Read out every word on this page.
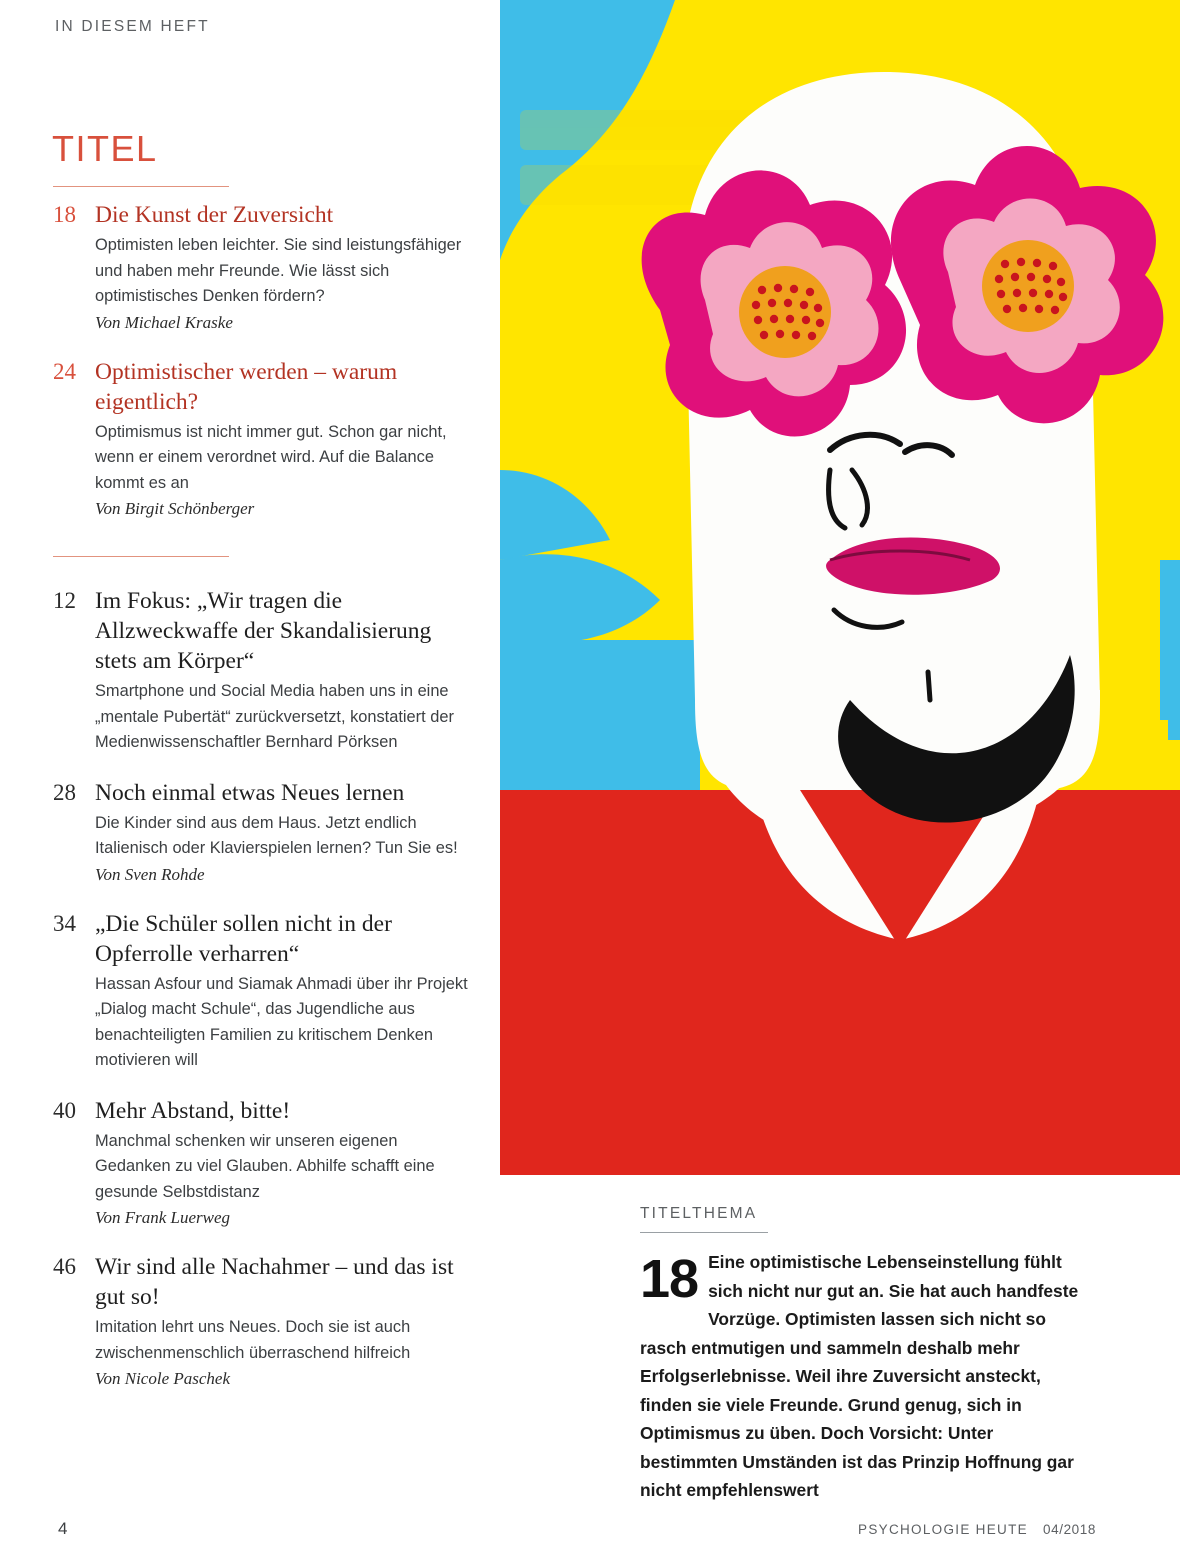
IN DIESEM HEFT
TITEL
18 Die Kunst der Zuversicht
Optimisten leben leichter. Sie sind leistungsfähiger und haben mehr Freunde. Wie lässt sich optimistisches Denken fördern?
Von Michael Kraske
24 Optimistischer werden – warum eigentlich?
Optimismus ist nicht immer gut. Schon gar nicht, wenn er einem verordnet wird. Auf die Balance kommt es an
Von Birgit Schönberger
12 Im Fokus: „Wir tragen die Allzweckwaffe der Skandalisierung stets am Körper“
Smartphone und Social Media haben uns in eine „mentale Pubertät“ zurückversetzt, konstatiert der Medienwissenschaftler Bernhard Pörksen
28 Noch einmal etwas Neues lernen
Die Kinder sind aus dem Haus. Jetzt endlich Italienisch oder Klavierspielen lernen? Tun Sie es!
Von Sven Rohde
34 „Die Schüler sollen nicht in der Opferrolle verharren“
Hassan Asfour und Siamak Ahmadi über ihr Projekt „Dialog macht Schule“, das Jugendliche aus benachteiligten Familien zu kritischem Denken motivieren will
40 Mehr Abstand, bitte!
Manchmal schenken wir unseren eigenen Gedanken zu viel Glauben. Abhilfe schafft eine gesunde Selbstdistanz
Von Frank Luerweg
46 Wir sind alle Nachahmer – und das ist gut so!
Imitation lehrt uns Neues. Doch sie ist auch zwischenmenschlich überraschend hilfreich
Von Nicole Paschek
TITELTHEMA
18 Eine optimistische Lebenseinstellung fühlt sich nicht nur gut an. Sie hat auch handfeste Vorzüge. Optimisten lassen sich nicht so rasch entmutigen und sammeln deshalb mehr Erfolgserlebnisse. Weil ihre Zuversicht ansteckt, finden sie viele Freunde. Grund genug, sich in Optimismus zu üben. Doch Vorsicht: Unter bestimmten Umständen ist das Prinzip Hoffnung gar nicht empfehlenswert
4	PSYCHOLOGIE HEUTE 04/2018
